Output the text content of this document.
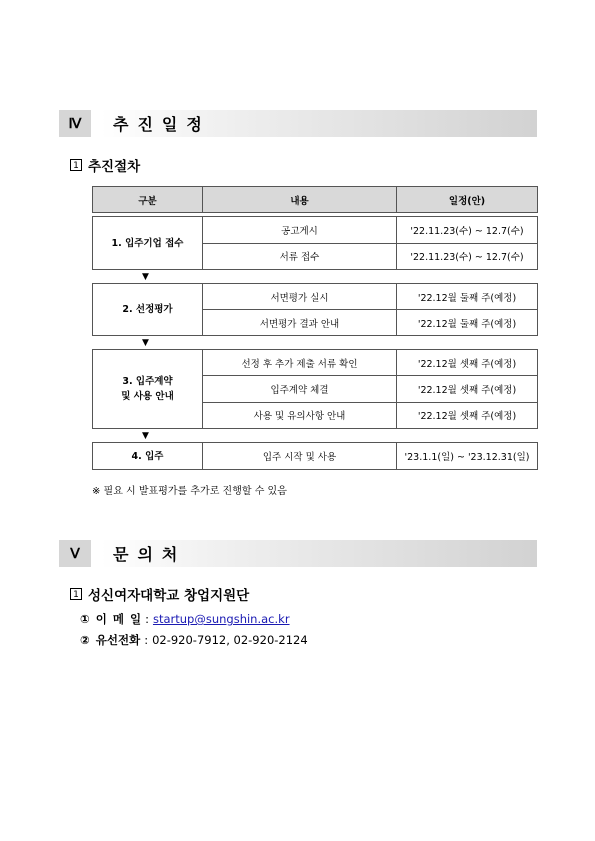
Ⅳ	추진일정
1 추진절차
구분	내용	일정(안)
1. 입주기업 접수	공고게시	'22.11.23(수) ~ 12.7(수)
	서류 접수	'22.11.23(수) ~ 12.7(수)
▼
2. 선정평가	서면평가 실시	'22.12월 둘째 주(예정)
	서면평가 결과 안내	'22.12월 둘째 주(예정)
▼
3. 입주계약
및 사용 안내	선정 후 추가 제출 서류 확인	'22.12월 셋째 주(예정)
	입주계약 체결	'22.12월 셋째 주(예정)
	사용 및 유의사항 안내	'22.12월 셋째 주(예정)
▼
4. 입주	입주 시작 및 사용	'23.1.1(일) ~ '23.12.31(일)
※ 필요 시 발표평가를 추가로 진행할 수 있음
Ⅴ	문의처
1 성신여자대학교 창업지원단
① 이 메 일 : startup@sungshin.ac.kr
② 유선전화 : 02-920-7912, 02-920-2124
